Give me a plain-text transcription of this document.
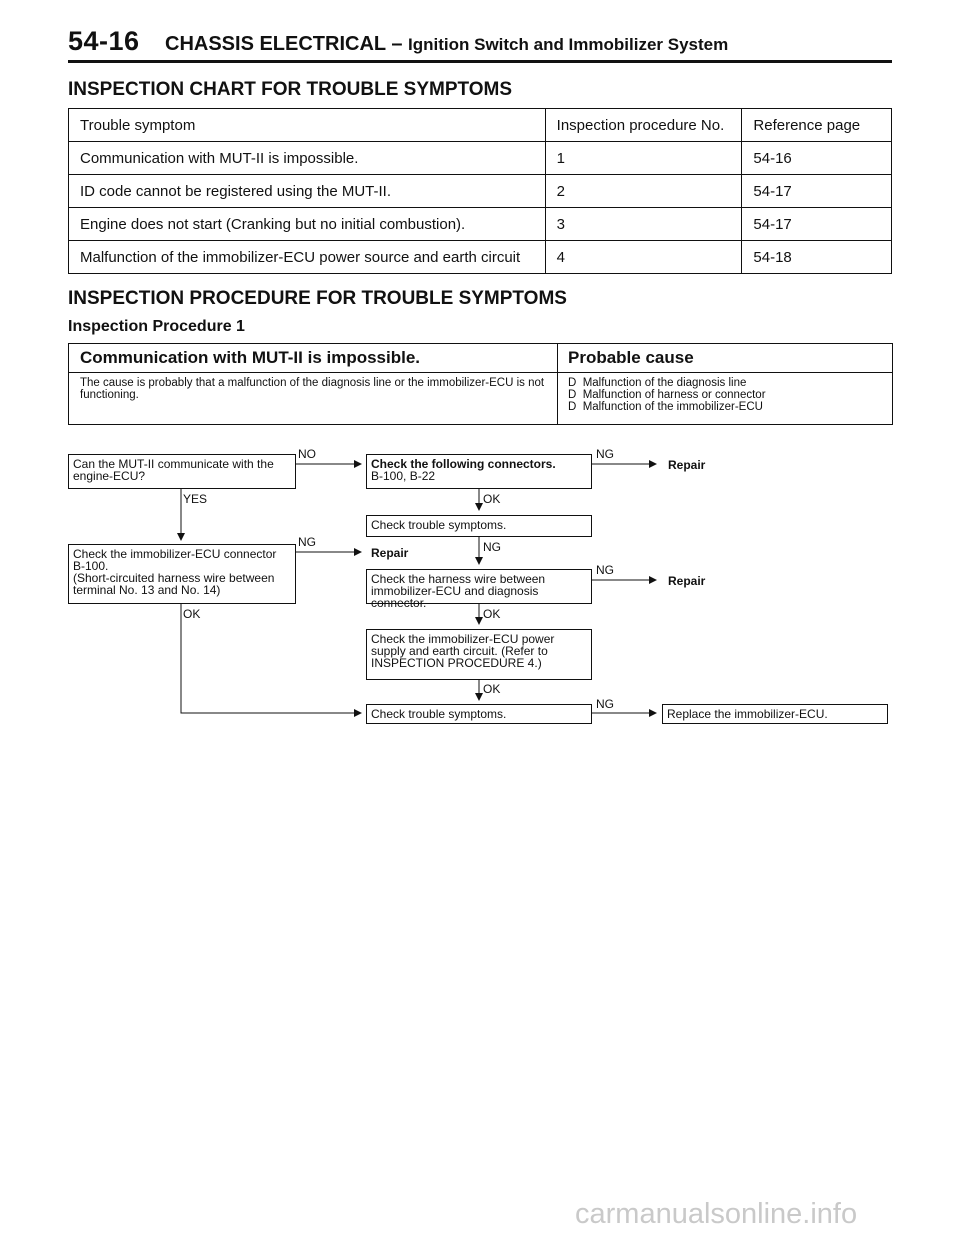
54-16 CHASSIS ELECTRICAL – Ignition Switch and Immobilizer System
INSPECTION CHART FOR TROUBLE SYMPTOMS
Trouble symptom	Inspection procedure No.	Reference page
Communication with MUT-II is impossible.	1	54-16
ID code cannot be registered using the MUT-II.	2	54-17
Engine does not start (Cranking but no initial combustion).	3	54-17
Malfunction of the immobilizer-ECU power source and earth circuit	4	54-18
INSPECTION PROCEDURE FOR TROUBLE SYMPTOMS
Inspection Procedure 1
Communication with MUT-II is impossible.	Probable cause
The cause is probably that a malfunction of the diagnosis line or the immobilizer-ECU is not functioning.
D Malfunction of the diagnosis line
D Malfunction of harness or connector
D Malfunction of the immobilizer-ECU
Can the MUT-II communicate with the engine-ECU?
NO
Check the following connectors.
B-100, B-22
NG
Repair
YES	OK
Check trouble symptoms.
Check the immobilizer-ECU connector B-100.
(Short-circuited harness wire between terminal No. 13 and No. 14)
NG
Repair	NG
Check the harness wire between immobilizer-ECU and diagnosis connector.
NG
Repair
OK	OK
Check the immobilizer-ECU power supply and earth circuit. (Refer to INSPECTION PROCEDURE 4.)
OK
Check trouble symptoms.
NG
Replace the immobilizer-ECU.
carmanualsonline.info
